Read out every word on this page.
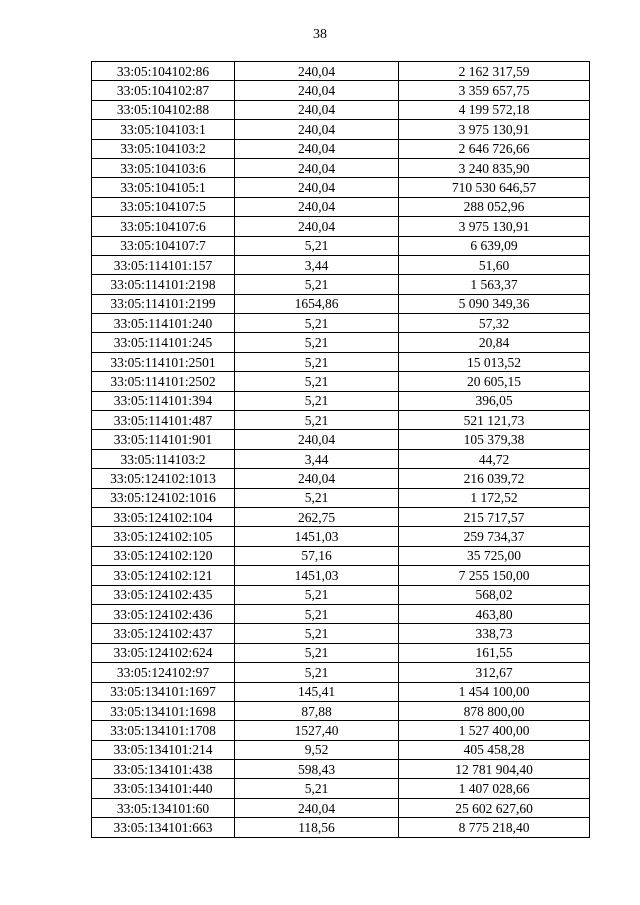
38
33:05:104102:86	240,04	2 162 317,59
33:05:104102:87	240,04	3 359 657,75
33:05:104102:88	240,04	4 199 572,18
33:05:104103:1	240,04	3 975 130,91
33:05:104103:2	240,04	2 646 726,66
33:05:104103:6	240,04	3 240 835,90
33:05:104105:1	240,04	710 530 646,57
33:05:104107:5	240,04	288 052,96
33:05:104107:6	240,04	3 975 130,91
33:05:104107:7	5,21	6 639,09
33:05:114101:157	3,44	51,60
33:05:114101:2198	5,21	1 563,37
33:05:114101:2199	1654,86	5 090 349,36
33:05:114101:240	5,21	57,32
33:05:114101:245	5,21	20,84
33:05:114101:2501	5,21	15 013,52
33:05:114101:2502	5,21	20 605,15
33:05:114101:394	5,21	396,05
33:05:114101:487	5,21	521 121,73
33:05:114101:901	240,04	105 379,38
33:05:114103:2	3,44	44,72
33:05:124102:1013	240,04	216 039,72
33:05:124102:1016	5,21	1 172,52
33:05:124102:104	262,75	215 717,57
33:05:124102:105	1451,03	259 734,37
33:05:124102:120	57,16	35 725,00
33:05:124102:121	1451,03	7 255 150,00
33:05:124102:435	5,21	568,02
33:05:124102:436	5,21	463,80
33:05:124102:437	5,21	338,73
33:05:124102:624	5,21	161,55
33:05:124102:97	5,21	312,67
33:05:134101:1697	145,41	1 454 100,00
33:05:134101:1698	87,88	878 800,00
33:05:134101:1708	1527,40	1 527 400,00
33:05:134101:214	9,52	405 458,28
33:05:134101:438	598,43	12 781 904,40
33:05:134101:440	5,21	1 407 028,66
33:05:134101:60	240,04	25 602 627,60
33:05:134101:663	118,56	8 775 218,40
